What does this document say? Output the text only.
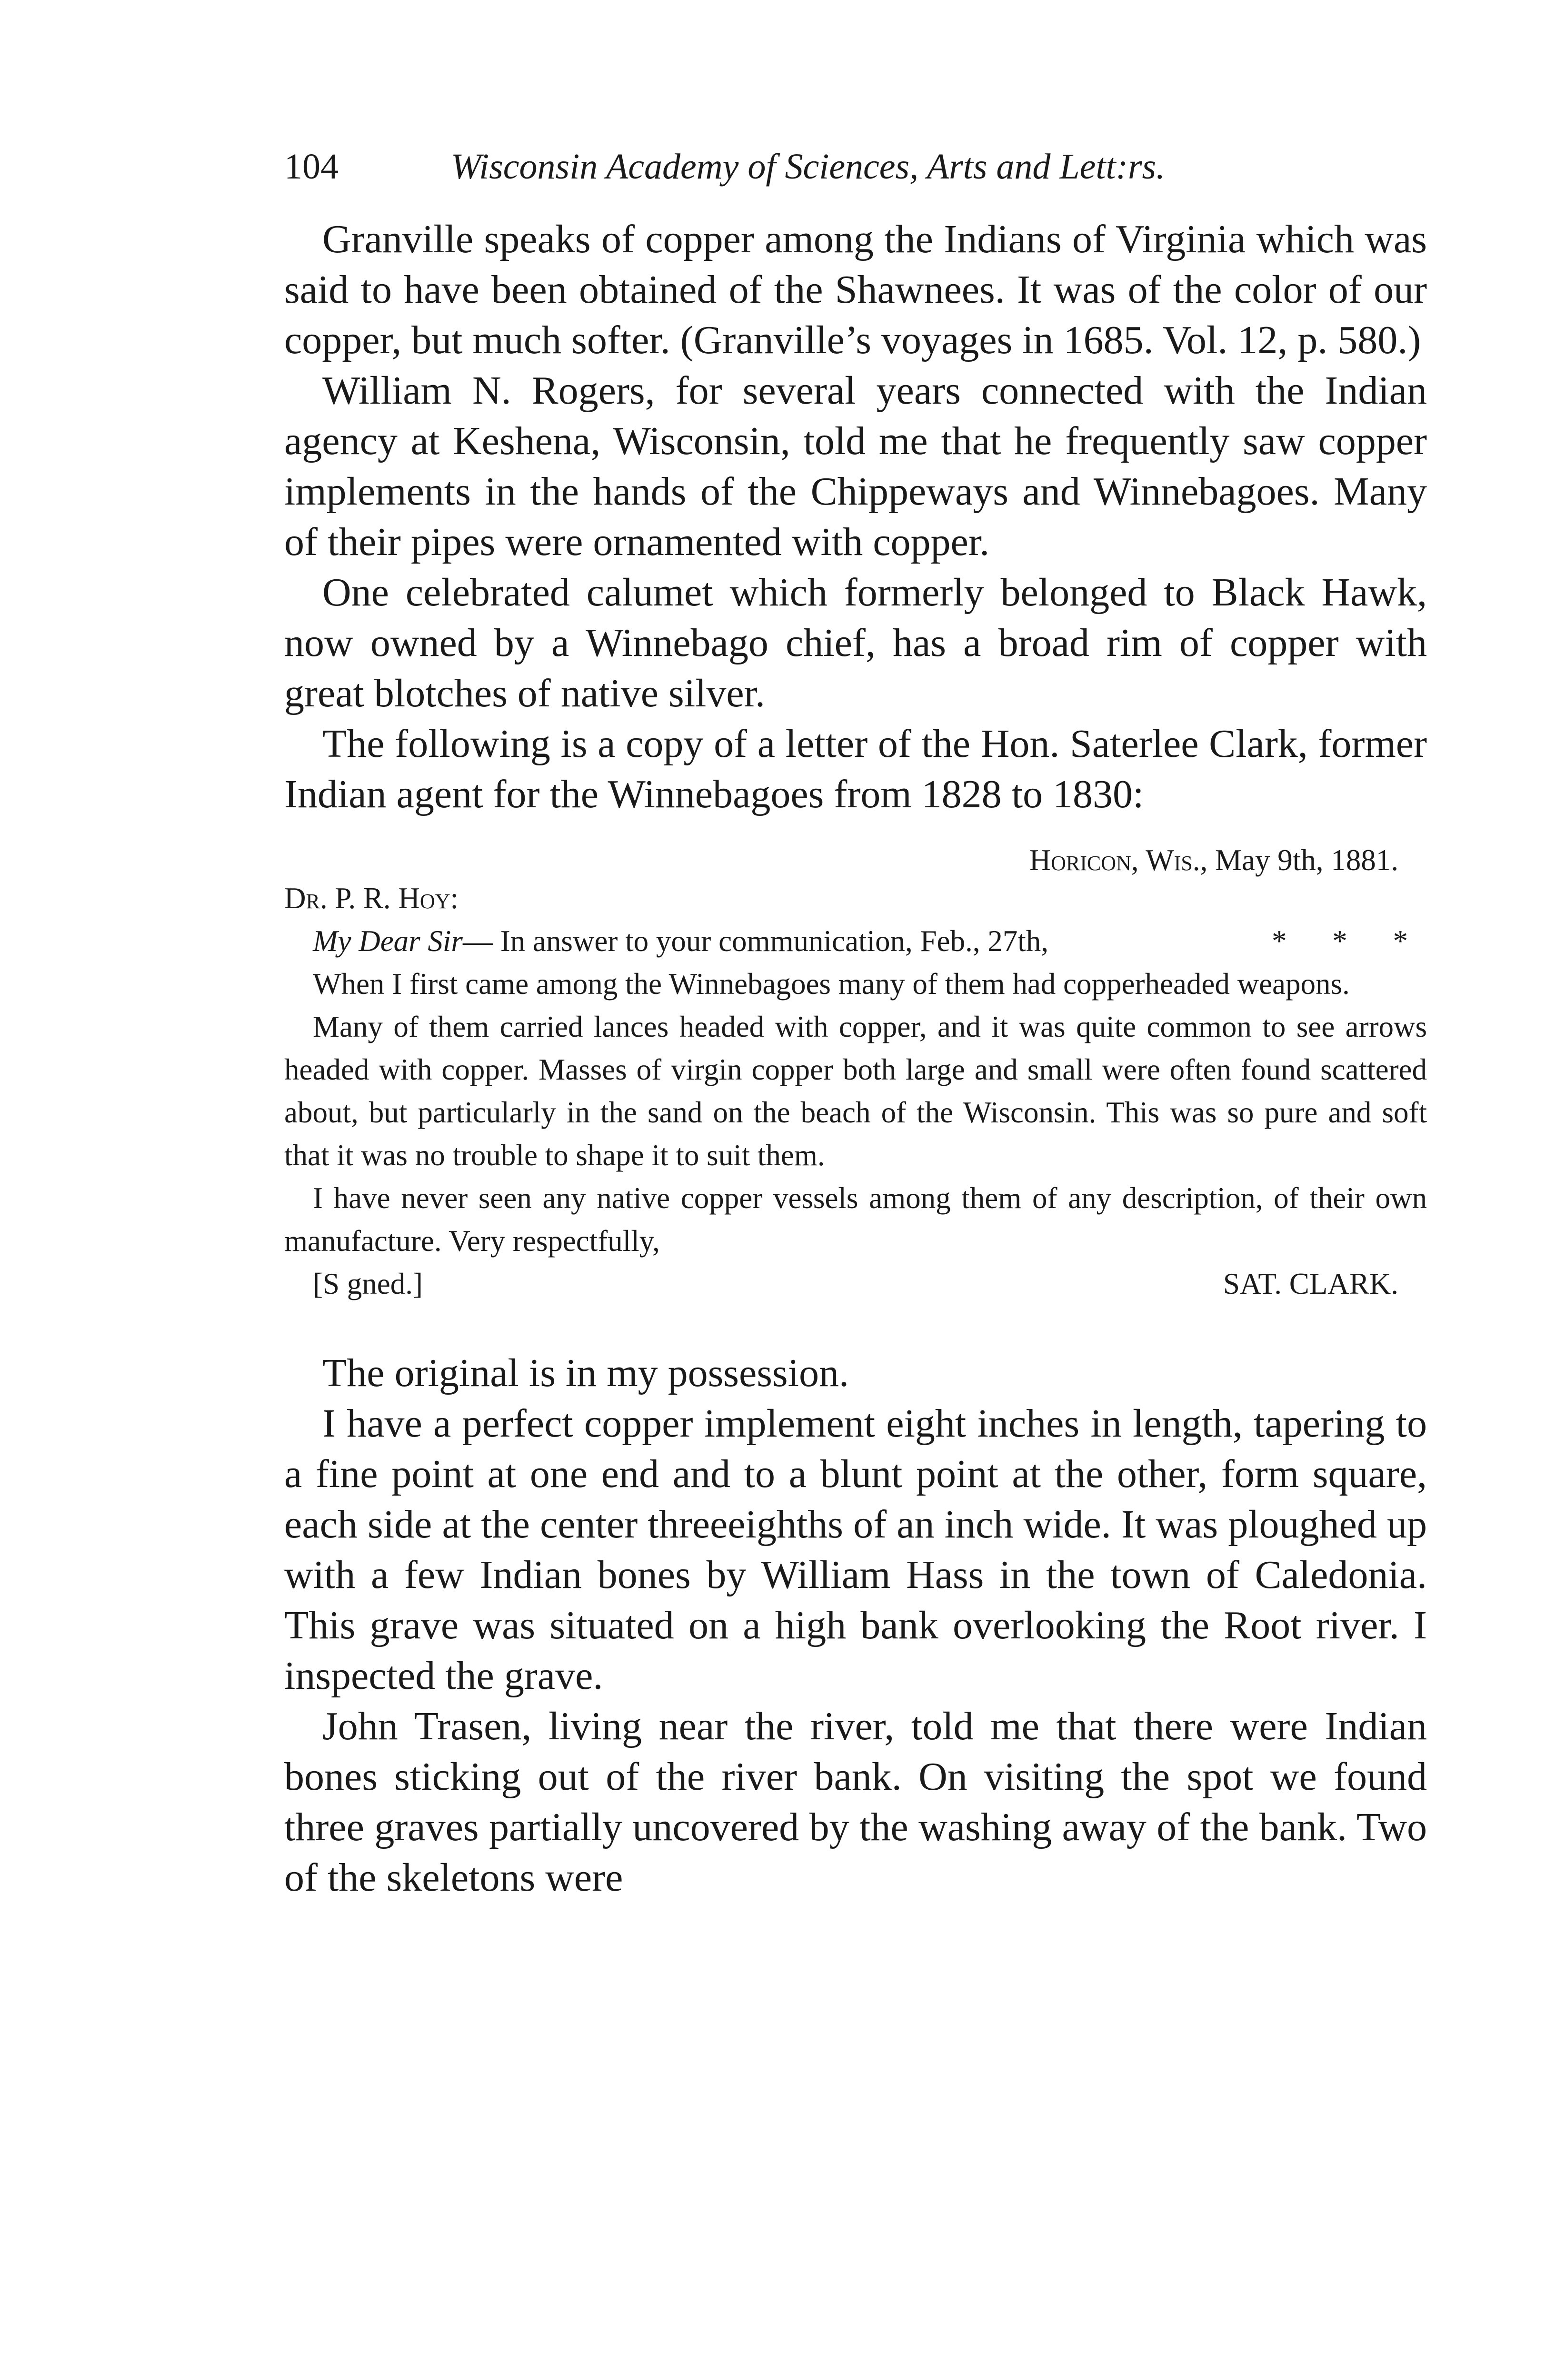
104	Wisconsin Academy of Sciences, Arts and Lett:rs.

Granville speaks of copper among the Indians of Virginia which was said to have been obtained of the Shawnees. It was of the color of our copper, but much softer. (Granville’s voyages in 1685. Vol. 12, p. 580.)

William N. Rogers, for several years connected with the Indian agency at Keshena, Wisconsin, told me that he frequently saw copper implements in the hands of the Chippeways and Winnebagoes. Many of their pipes were ornamented with copper.

One celebrated calumet which formerly belonged to Black Hawk, now owned by a Winnebago chief, has a broad rim of copper with great blotches of native silver.

The following is a copy of a letter of the Hon. Saterlee Clark, former Indian agent for the Winnebagoes from 1828 to 1830:

Horicon, Wis., May 9th, 1881.
Dr. P. R. Hoy:

My Dear Sir— In answer to your communication, Feb., 27th,	* * *

When I first came among the Winnebagoes many of them had copperheaded weapons.

Many of them carried lances headed with copper, and it was quite common to see arrows headed with copper. Masses of virgin copper both large and small were often found scattered about, but particularly in the sand on the beach of the Wisconsin. This was so pure and soft that it was no trouble to shape it to suit them.

I have never seen any native copper vessels among them of any description, of their own manufacture. Very respectfully,

[S gned.]	SAT. CLARK.

The original is in my possession.

I have a perfect copper implement eight inches in length, tapering to a fine point at one end and to a blunt point at the other, form square, each side at the center threeeighths of an inch wide. It was ploughed up with a few Indian bones by William Hass in the town of Caledonia. This grave was situated on a high bank overlooking the Root river. I inspected the grave.

John Trasen, living near the river, told me that there were Indian bones sticking out of the river bank. On visiting the spot we found three graves partially uncovered by the washing away of the bank. Two of the skeletons were
